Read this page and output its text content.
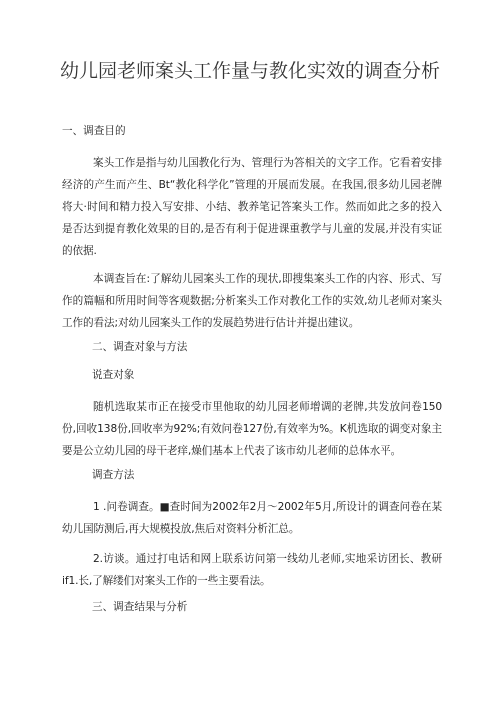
幼儿园老师案头工作量与教化实效的调查分析

一、调查目的

案头工作是指与幼儿国教化行为、管理行为答相关的文字工作。它看着安排经济的产生而产生、Bt“教化科学化”管理的开展而发展。在我国,很多幼儿园老牌将大·时间和精力投入写安排、小结、教养笔记答案头工作。然而如此之多的投入是否达到提育教化效果的目的,是否有利于促进课重教学与儿童的发展,并没有实证的依据.

本调查旨在:了解幼儿园案头工作的现状,即搜集案头工作的内容、形式、写作的篇幅和所用时间等客观数据;分析案头工作对教化工作的实效,幼儿老师对案头工作的看法;对幼儿园案头工作的发展趋势进行估计并提出建议。

二、调查对象与方法

说查对象

随机选取某市正在接受市里他取的幼儿园老师增调的老牌,共发放问卷150份,回收138份,回收率为92%;有效问卷127份,有效率为%。K机选取的调变对象主要是公立幼儿园的母干老痒,燥们基本上代表了该市幼儿老师的总体水平。

调查方法

1 .问卷调查。■查时间为2002年2月〜2002年5月,所设计的调查问卷在某幼儿国防测后,再大规模投放,焦后对资料分析汇总。

2.访谈。通过打电话和网上联系访问第一线幼儿老师,实地采访团长、教研if1.长,了解缕们对案头工作的一些主要看法。

三、调查结果与分析
